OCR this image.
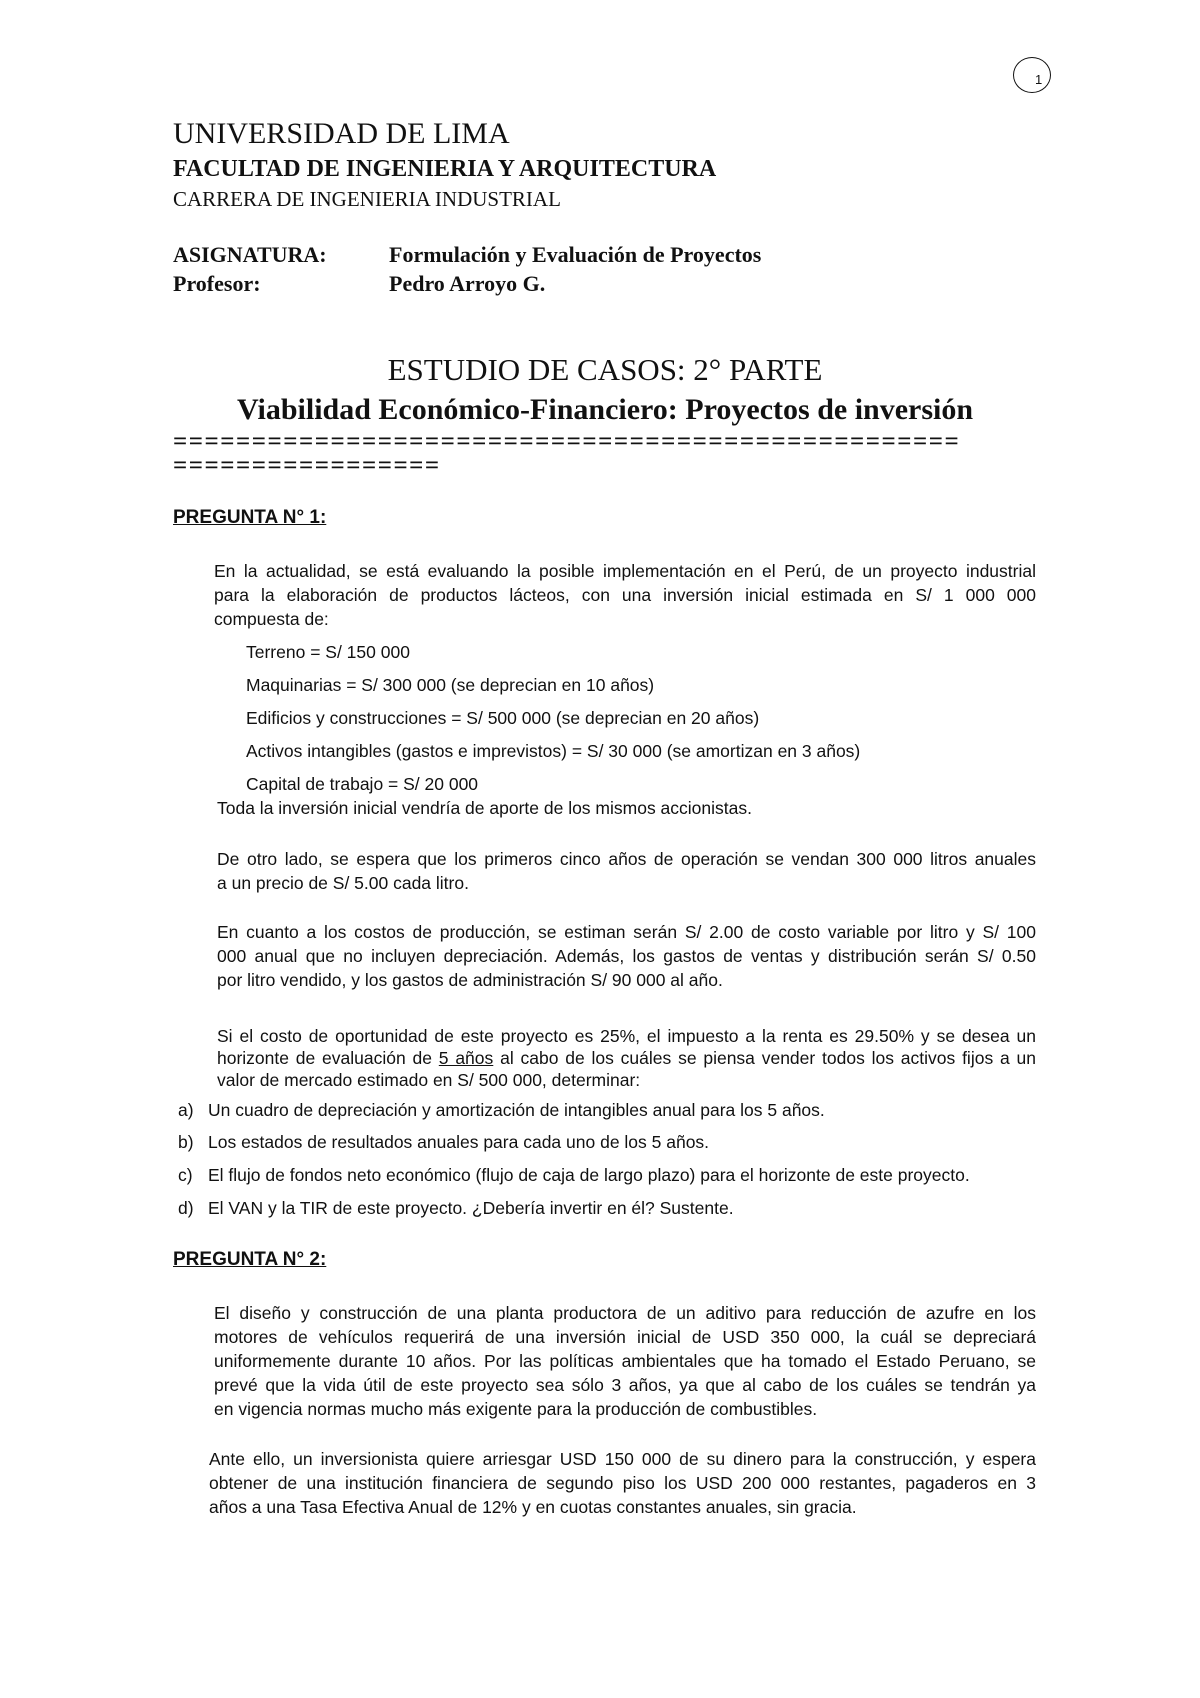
1
UNIVERSIDAD DE LIMA
FACULTAD DE INGENIERIA Y ARQUITECTURA
CARRERA DE INGENIERIA INDUSTRIAL
ASIGNATURA:	Formulación y Evaluación de Proyectos
Profesor:	Pedro Arroyo G.
ESTUDIO DE CASOS: 2° PARTE
Viabilidad Económico-Financiero: Proyectos de inversión
==================================================
=================
PREGUNTA N° 1:
En la actualidad, se está evaluando la posible implementación en el Perú, de un proyecto industrial
para la elaboración de productos lácteos, con una inversión inicial estimada en S/ 1 000 000
compuesta de:
Terreno = S/ 150 000
Maquinarias = S/ 300 000 (se deprecian en 10 años)
Edificios y construcciones = S/ 500 000 (se deprecian en 20 años)
Activos intangibles (gastos e imprevistos) = S/ 30 000 (se amortizan en 3 años)
Capital de trabajo = S/ 20 000
Toda la inversión inicial vendría de aporte de los mismos accionistas.
De otro lado, se espera que los primeros cinco años de operación se vendan 300 000 litros anuales
a un precio de S/ 5.00 cada litro.
En cuanto a los costos de producción, se estiman serán S/ 2.00 de costo variable por litro y S/ 100
000 anual que no incluyen depreciación. Además, los gastos de ventas y distribución serán S/ 0.50
por litro vendido, y los gastos de administración S/ 90 000 al año.
Si el costo de oportunidad de este proyecto es 25%, el impuesto a la renta es 29.50% y se desea un
horizonte de evaluación de 5 años al cabo de los cuáles se piensa vender todos los activos fijos a un
valor de mercado estimado en S/ 500 000, determinar:
a) Un cuadro de depreciación y amortización de intangibles anual para los 5 años.
b) Los estados de resultados anuales para cada uno de los 5 años.
c) El flujo de fondos neto económico (flujo de caja de largo plazo) para el horizonte de este proyecto.
d) El VAN y la TIR de este proyecto. ¿Debería invertir en él? Sustente.
PREGUNTA N° 2:
El diseño y construcción de una planta productora de un aditivo para reducción de azufre en los
motores de vehículos requerirá de una inversión inicial de USD 350 000, la cuál se depreciará
uniformemente durante 10 años. Por las políticas ambientales que ha tomado el Estado Peruano, se
prevé que la vida útil de este proyecto sea sólo 3 años, ya que al cabo de los cuáles se tendrán ya
en vigencia normas mucho más exigente para la producción de combustibles.
Ante ello, un inversionista quiere arriesgar USD 150 000 de su dinero para la construcción, y espera
obtener de una institución financiera de segundo piso los USD 200 000 restantes, pagaderos en 3
años a una Tasa Efectiva Anual de 12% y en cuotas constantes anuales, sin gracia.
